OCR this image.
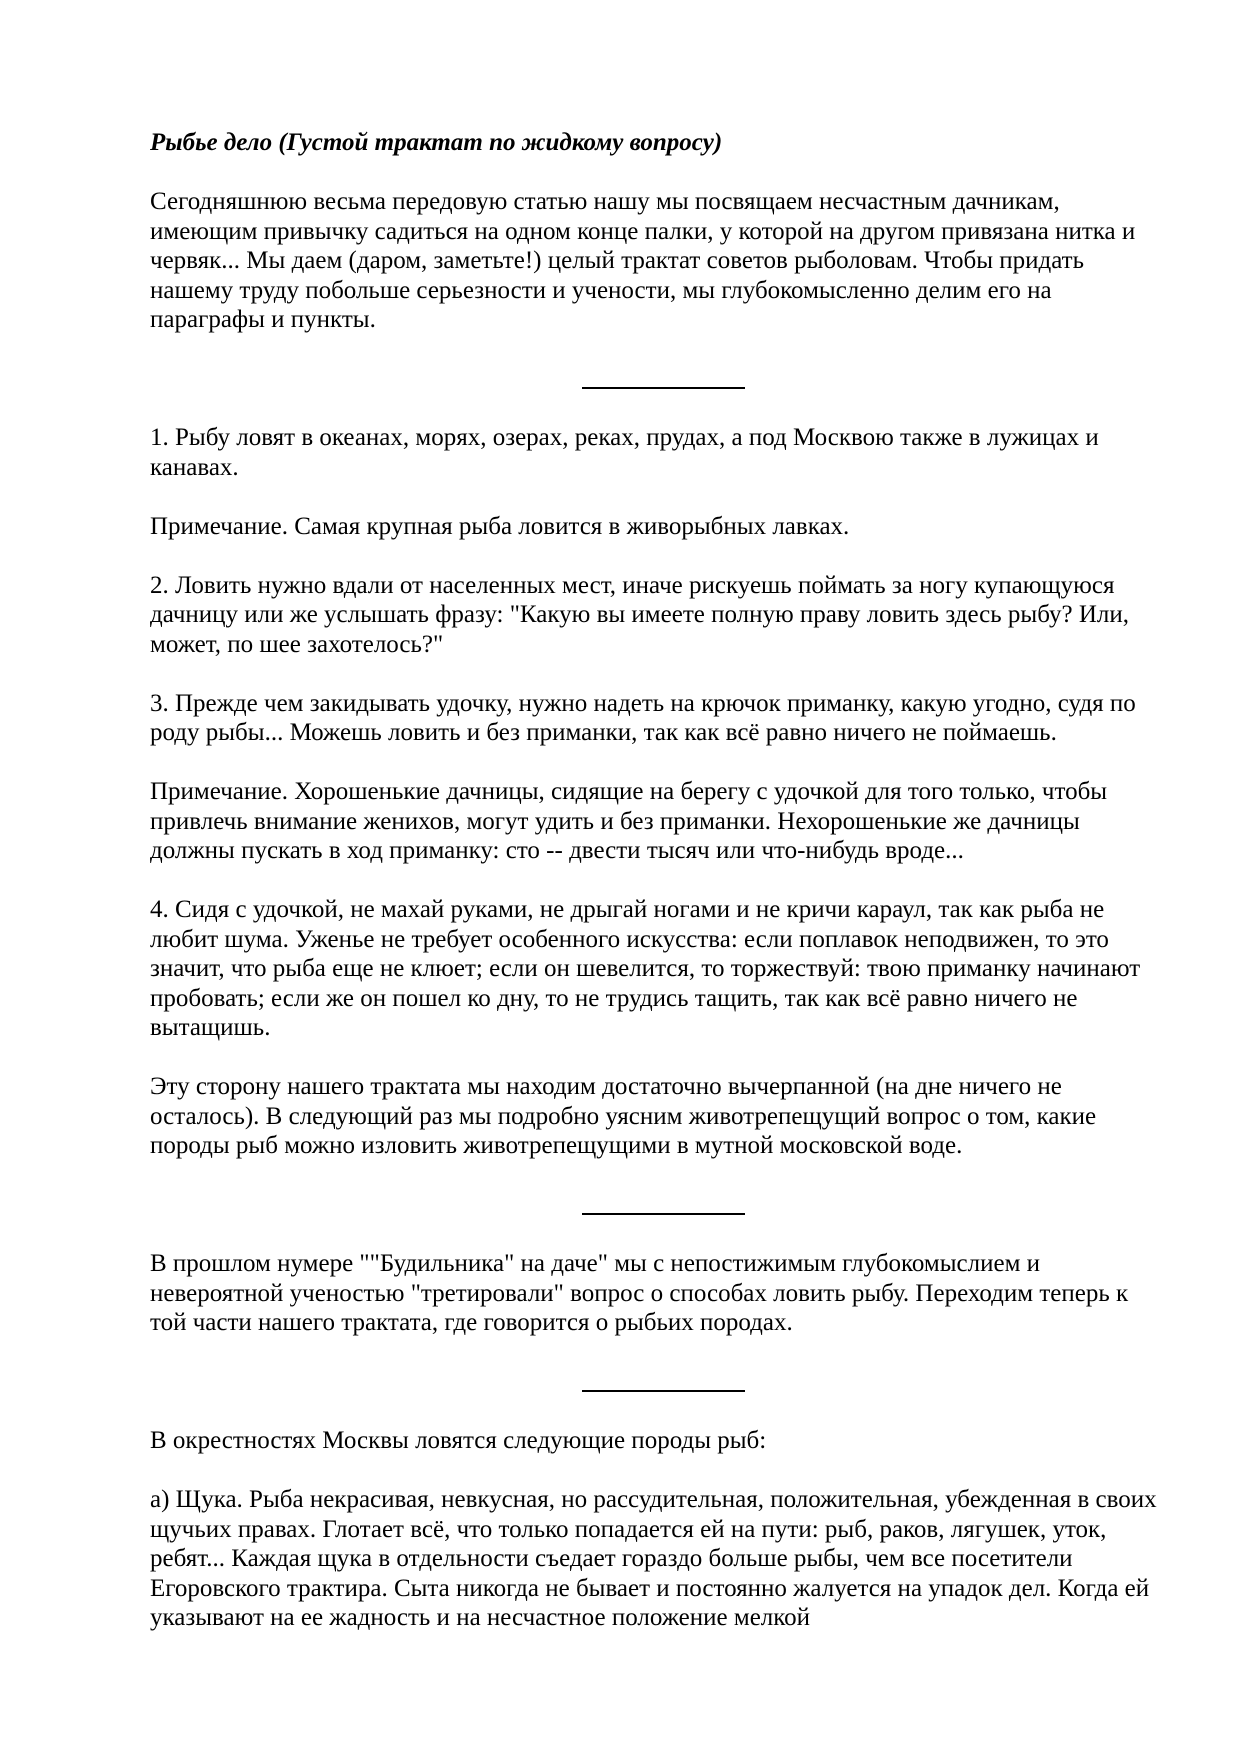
Рыбье дело (Густой трактат по жидкому вопросу)

Сегодняшнюю весьма передовую статью нашу мы посвящаем несчастным дачникам, имеющим привычку садиться на одном конце палки, у которой на другом привязана нитка и червяк... Мы даем (даром, заметьте!) целый трактат советов рыболовам. Чтобы придать нашему труду побольше серьезности и учености, мы глубокомысленно делим его на параграфы и пункты.

1. Рыбу ловят в океанах, морях, озерах, реках, прудах, а под Москвою также в лужицах и канавах.

Примечание. Самая крупная рыба ловится в живорыбных лавках.

2. Ловить нужно вдали от населенных мест, иначе рискуешь поймать за ногу купающуюся дачницу или же услышать фразу: "Какую вы имеете полную праву ловить здесь рыбу? Или, может, по шее захотелось?"

3. Прежде чем закидывать удочку, нужно надеть на крючок приманку, какую угодно, судя по роду рыбы... Можешь ловить и без приманки, так как всё равно ничего не поймаешь.

Примечание. Хорошенькие дачницы, сидящие на берегу с удочкой для того только, чтобы привлечь внимание женихов, могут удить и без приманки. Нехорошенькие же дачницы должны пускать в ход приманку: сто -- двести тысяч или что-нибудь вроде...

4. Сидя с удочкой, не махай руками, не дрыгай ногами и не кричи караул, так как рыба не любит шума. Уженье не требует особенного искусства: если поплавок неподвижен, то это значит, что рыба еще не клюет; если он шевелится, то торжествуй: твою приманку начинают пробовать; если же он пошел ко дну, то не трудись тащить, так как всё равно ничего не вытащишь.

Эту сторону нашего трактата мы находим достаточно вычерпанной (на дне ничего не осталось). В следующий раз мы подробно уясним животрепещущий вопрос о том, какие породы рыб можно изловить животрепещущими в мутной московской воде.

В прошлом нумере ""Будильника" на даче" мы с непостижимым глубокомыслием и невероятной ученостью "третировали" вопрос о способах ловить рыбу. Переходим теперь к той части нашего трактата, где говорится о рыбьих породах.

В окрестностях Москвы ловятся следующие породы рыб:

а) Щука. Рыба некрасивая, невкусная, но рассудительная, положительная, убежденная в своих щучьих правах. Глотает всё, что только попадается ей на пути: рыб, раков, лягушек, уток, ребят... Каждая щука в отдельности съедает гораздо больше рыбы, чем все посетители Егоровского трактира. Сыта никогда не бывает и постоянно жалуется на упадок дел. Когда ей указывают на ее жадность и на несчастное положение мелкой
